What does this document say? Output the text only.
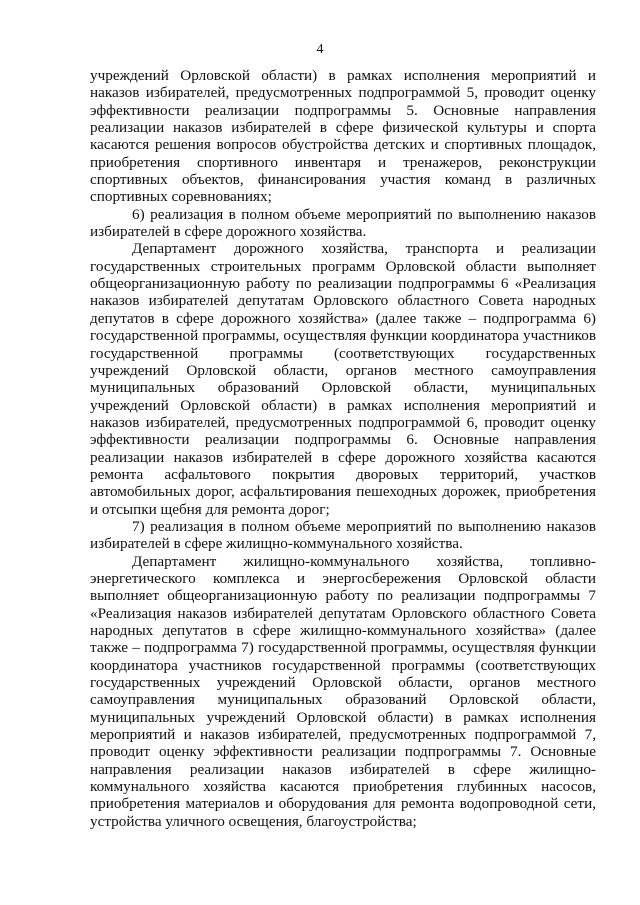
4

учреждений Орловской области) в рамках исполнения мероприятий и наказов избирателей, предусмотренных подпрограммой 5, проводит оценку эффективности реализации подпрограммы 5. Основные направления реализации наказов избирателей в сфере физической культуры и спорта касаются решения вопросов обустройства детских и спортивных площадок, приобретения спортивного инвентаря и тренажеров, реконструкции спортивных объектов, финансирования участия команд в различных спортивных соревнованиях;

6) реализация в полном объеме мероприятий по выполнению наказов избирателей в сфере дорожного хозяйства.

Департамент дорожного хозяйства, транспорта и реализации государственных строительных программ Орловской области выполняет общеорганизационную работу по реализации подпрограммы 6 «Реализация наказов избирателей депутатам Орловского областного Совета народных депутатов в сфере дорожного хозяйства» (далее также – подпрограмма 6) государственной программы, осуществляя функции координатора участников государственной программы (соответствующих государственных учреждений Орловской области, органов местного самоуправления муниципальных образований Орловской области, муниципальных учреждений Орловской области) в рамках исполнения мероприятий и наказов избирателей, предусмотренных подпрограммой 6, проводит оценку эффективности реализации подпрограммы 6. Основные направления реализации наказов избирателей в сфере дорожного хозяйства касаются ремонта асфальтового покрытия дворовых территорий, участков автомобильных дорог, асфальтирования пешеходных дорожек, приобретения и отсыпки щебня для ремонта дорог;

7) реализация в полном объеме мероприятий по выполнению наказов избирателей в сфере жилищно-коммунального хозяйства.

Департамент жилищно-коммунального хозяйства, топливно-энергетического комплекса и энергосбережения Орловской области выполняет общеорганизационную работу по реализации подпрограммы 7 «Реализация наказов избирателей депутатам Орловского областного Совета народных депутатов в сфере жилищно-коммунального хозяйства» (далее также – подпрограмма 7) государственной программы, осуществляя функции координатора участников государственной программы (соответствующих государственных учреждений Орловской области, органов местного самоуправления муниципальных образований Орловской области, муниципальных учреждений Орловской области) в рамках исполнения мероприятий и наказов избирателей, предусмотренных подпрограммой 7, проводит оценку эффективности реализации подпрограммы 7. Основные направления реализации наказов избирателей в сфере жилищно-коммунального хозяйства касаются приобретения глубинных насосов, приобретения материалов и оборудования для ремонта водопроводной сети, устройства уличного освещения, благоустройства;
